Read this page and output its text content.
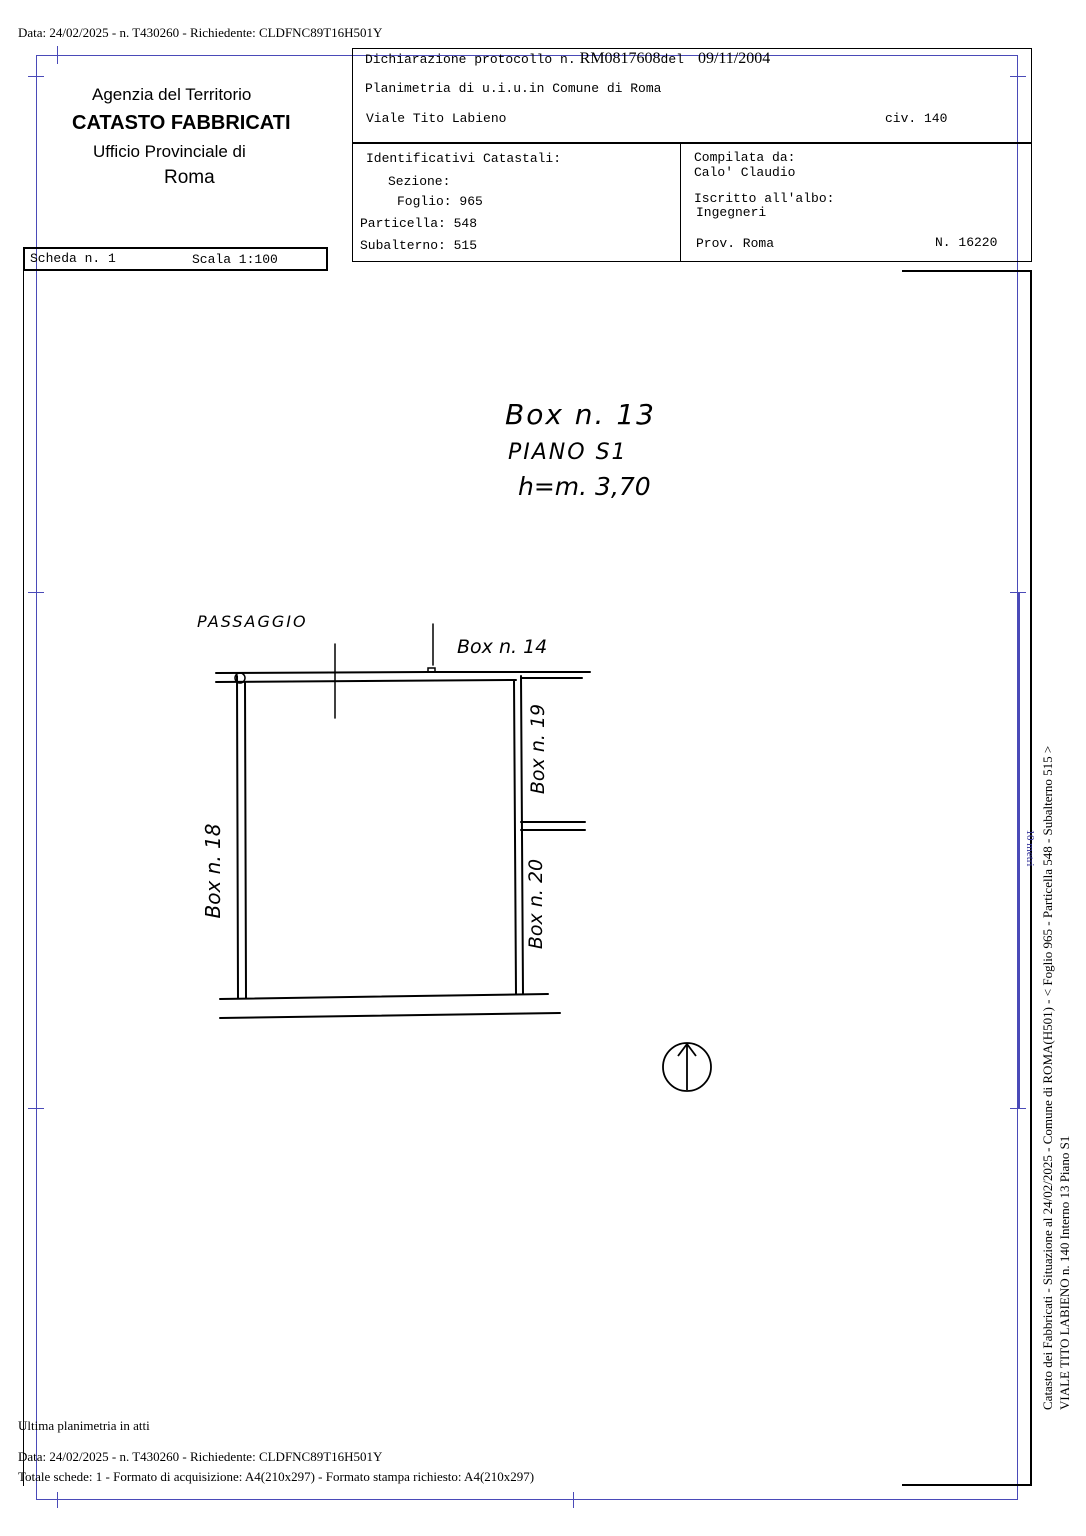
Data: 24/02/2025 - n. T430260 - Richiedente: CLDFNC89T16H501Y
Agenzia del Territorio
CATASTO FABBRICATI
Ufficio Provinciale di
Roma
Scheda n. 1	Scala 1:100
Dichiarazione protocollo n. RM0817608del 09/11/2004
Planimetria di u.i.u.in Comune di Roma
Viale Tito Labieno	civ. 140
Identificativi Catastali:
Sezione:
Foglio: 965
Particella: 548
Subalterno: 515
Compilata da:
Calo' Claudio
Iscritto all'albo:
Ingegneri
Prov. Roma	N. 16220
Box n. 13
PIANO S1
h=m. 3,70
PASSAGGIO
Box n. 14
Box n. 19
Box n. 20
Box n. 18	10 metri Catasto dei Fabbricati - Situazione al 24/02/2025 - Comune di ROMA(H501) - < Foglio 965 - Particella 548 - Subalterno 515 > VIALE TITO LABIENO n. 140 Interno 13 Piano S1
Ultima planimetria in atti
Data: 24/02/2025 - n. T430260 - Richiedente: CLDFNC89T16H501Y
Totale schede: 1 - Formato di acquisizione: A4(210x297) - Formato stampa richiesto: A4(210x297)
